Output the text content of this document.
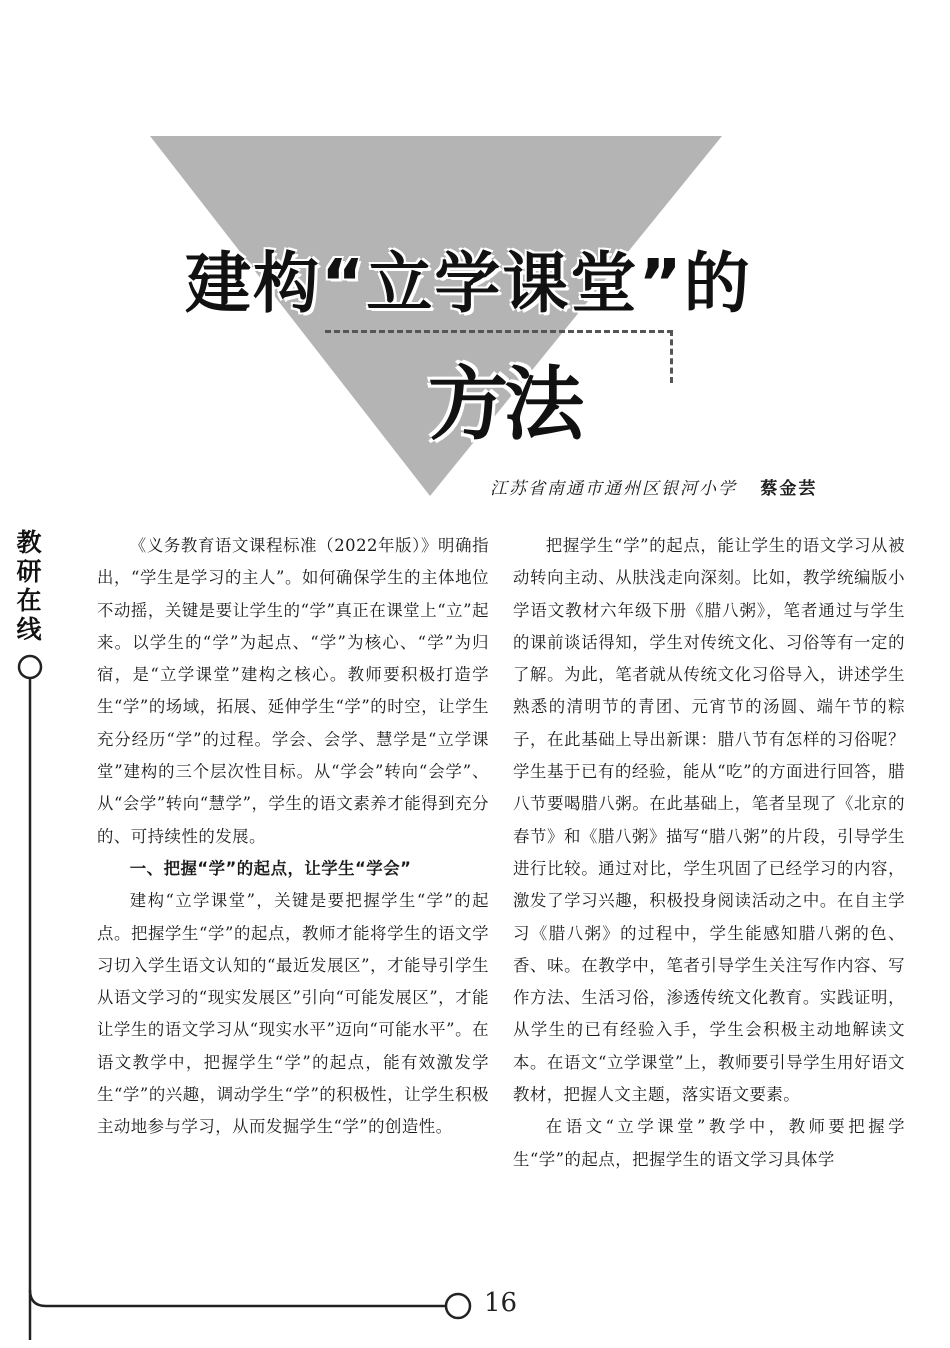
建构“立学课堂”的
方法
江苏省南通市通州区银河小学 蔡金芸
教研在线

《义务教育语文课程标准（2022年版）》明确指出，“学生是学习的主人”。如何确保学生的主体地位不动摇，关键是要让学生的“学”真正在课堂上“立”起来。以学生的“学”为起点、“学”为核心、“学”为归宿，是“立学课堂”建构之核心。教师要积极打造学生“学”的场域，拓展、延伸学生“学”的时空，让学生充分经历“学”的过程。学会、会学、慧学是“立学课堂”建构的三个层次性目标。从“学会”转向“会学”、从“会学”转向“慧学”，学生的语文素养才能得到充分的、可持续性的发展。

一、把握“学”的起点，让学生“学会”

建构“立学课堂”，关键是要把握学生“学”的起点。把握学生“学”的起点，教师才能将学生的语文学习切入学生语文认知的“最近发展区”，才能导引学生从语文学习的“现实发展区”引向“可能发展区”，才能让学生的语文学习从“现实水平”迈向“可能水平”。在语文教学中，把握学生“学”的起点，能有效激发学生“学”的兴趣，调动学生“学”的积极性，让学生积极主动地参与学习，从而发掘学生“学”的创造性。

把握学生“学”的起点，能让学生的语文学习从被动转向主动、从肤浅走向深刻。比如，教学统编版小学语文教材六年级下册《腊八粥》，笔者通过与学生的课前谈话得知，学生对传统文化、习俗等有一定的了解。为此，笔者就从传统文化习俗导入，讲述学生熟悉的清明节的青团、元宵节的汤圆、端午节的粽子，在此基础上导出新课：腊八节有怎样的习俗呢？学生基于已有的经验，能从“吃”的方面进行回答，腊八节要喝腊八粥。在此基础上，笔者呈现了《北京的春节》和《腊八粥》描写“腊八粥”的片段，引导学生进行比较。通过对比，学生巩固了已经学习的内容，激发了学习兴趣，积极投身阅读活动之中。在自主学习《腊八粥》的过程中，学生能感知腊八粥的色、香、味。在教学中，笔者引导学生关注写作内容、写作方法、生活习俗，渗透传统文化教育。实践证明，从学生的已有经验入手，学生会积极主动地解读文本。在语文“立学课堂”上，教师要引导学生用好语文教材，把握人文主题，落实语文要素。

在语文“立学课堂”教学中，教师要把握学生“学”的起点，把握学生的语文学习具体学

16
